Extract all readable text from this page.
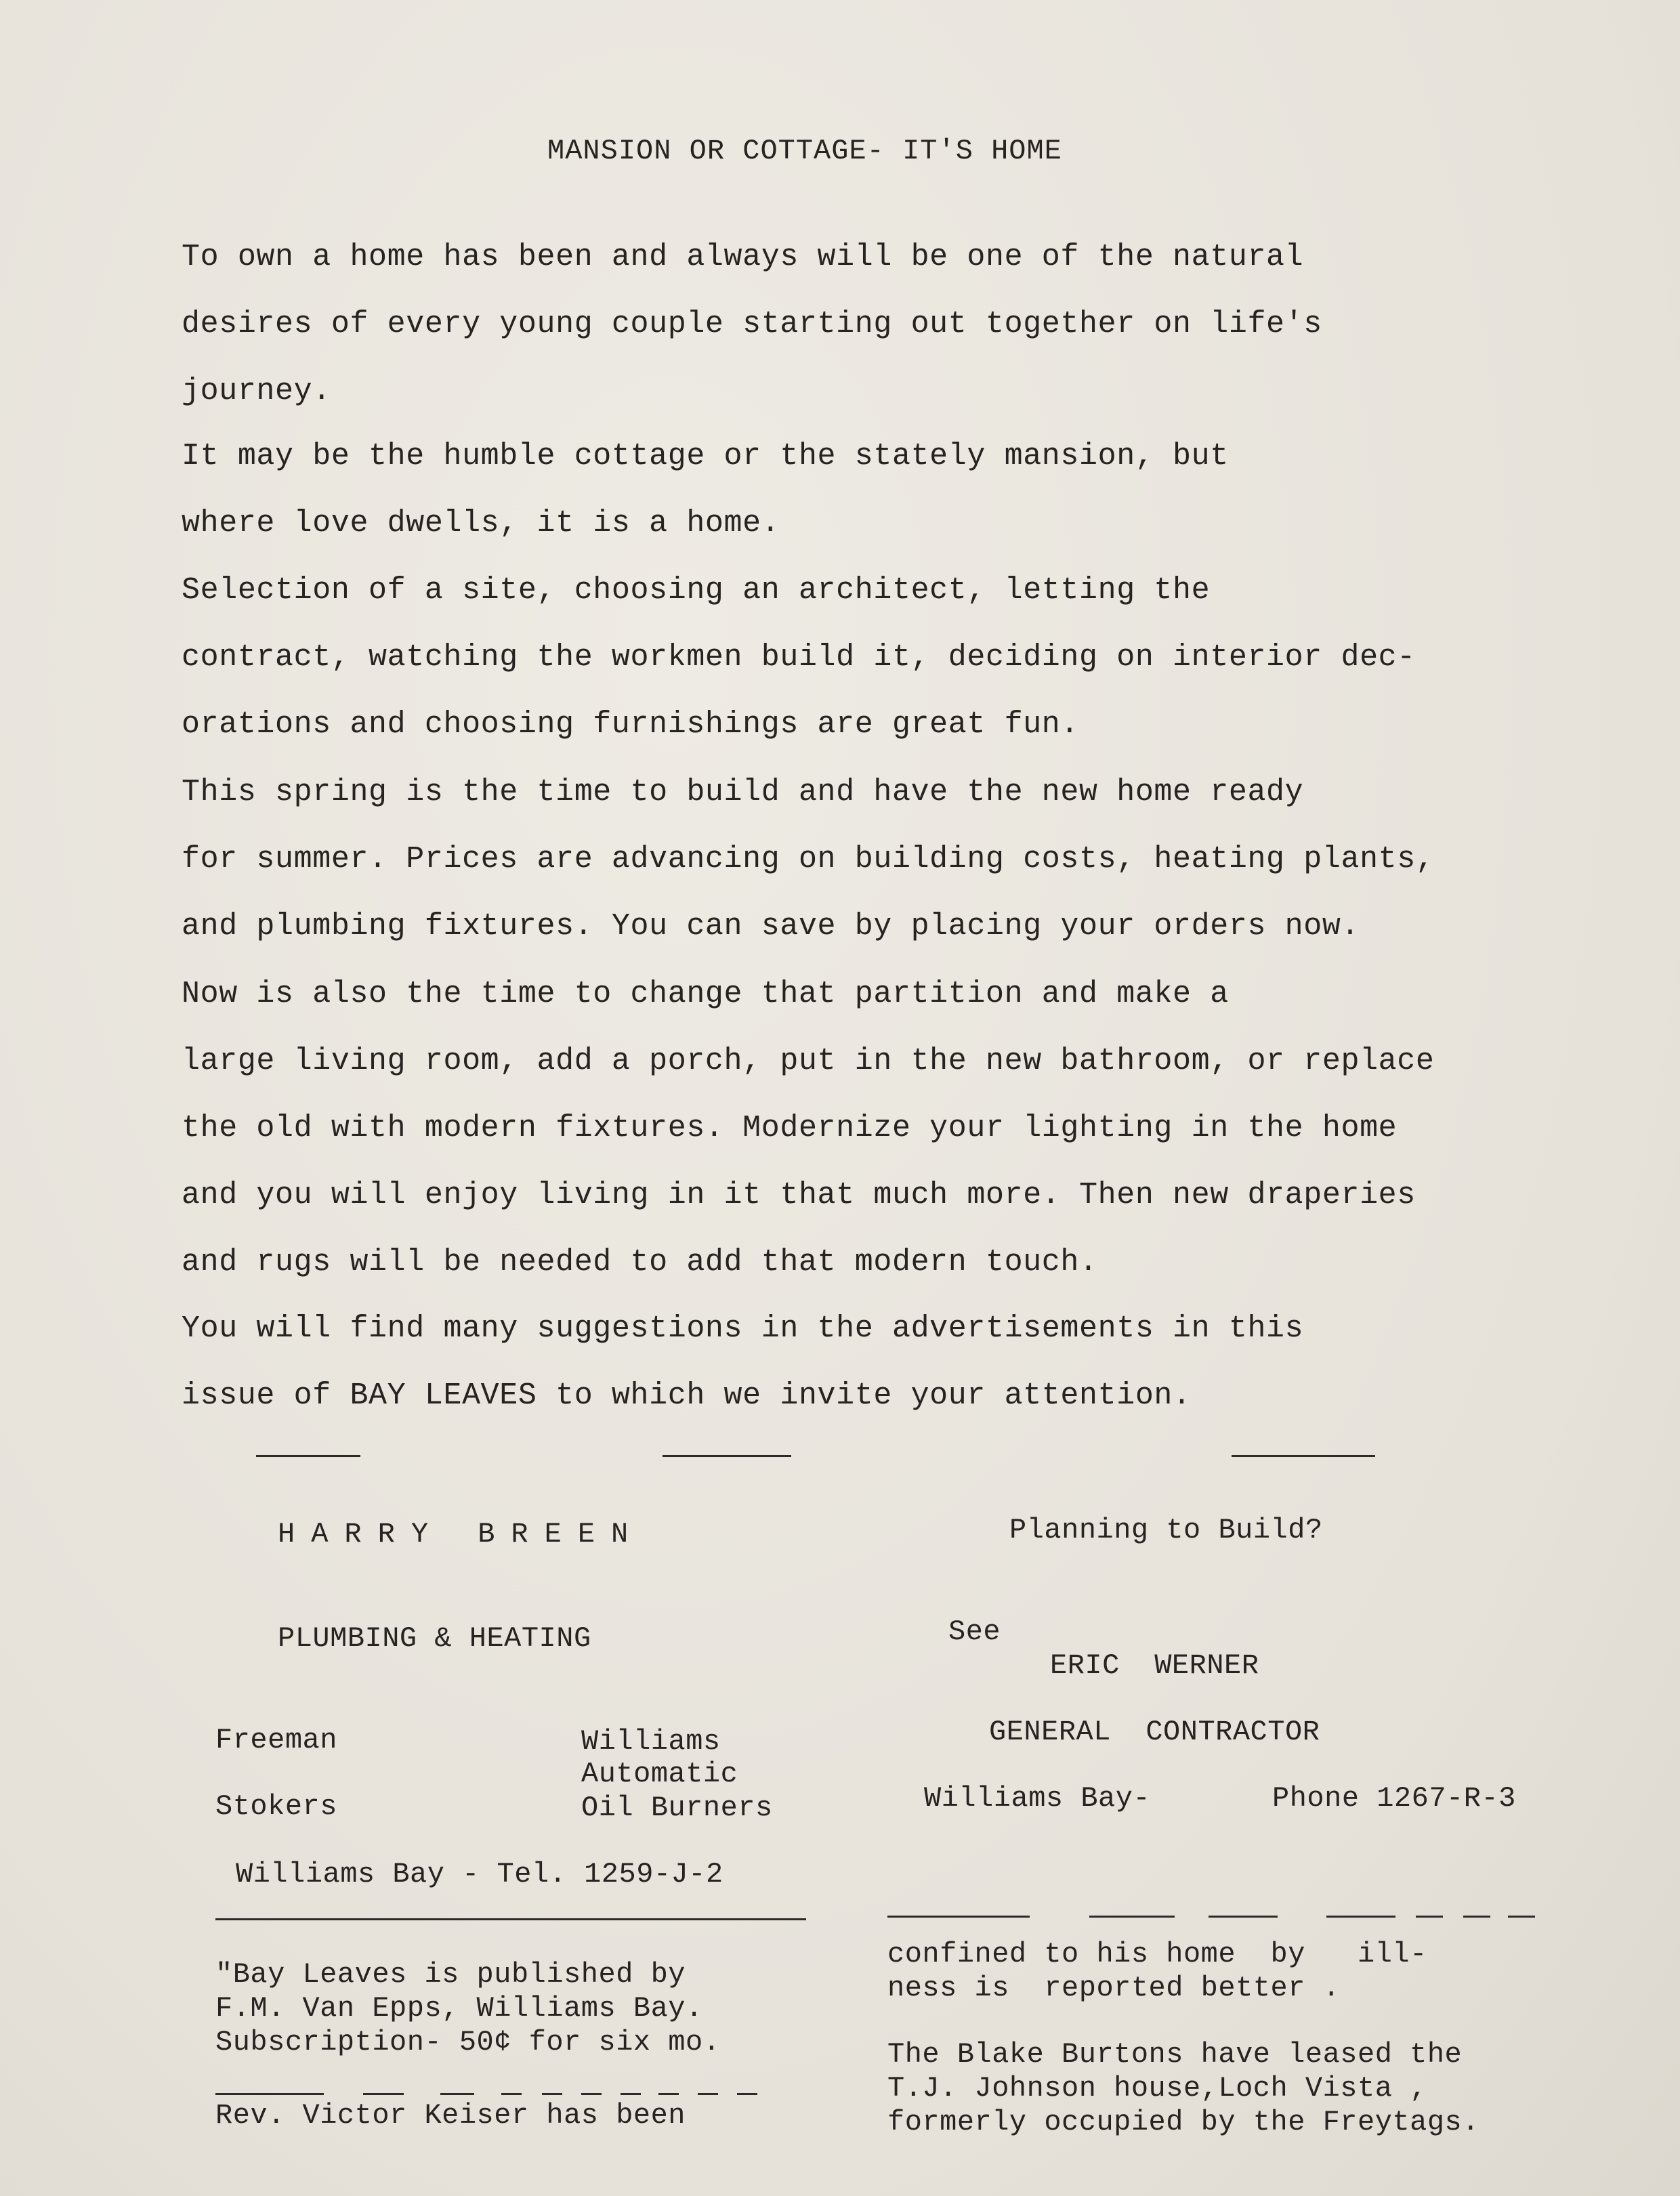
MANSION OR COTTAGE- IT'S HOME
To own a home has been and always will be one of the natural
desires of every young couple starting out together on life's
journey.
It may be the humble cottage or the stately mansion, but
where love dwells, it is a home.
Selection of a site, choosing an architect, letting the
contract, watching the workmen build it, deciding on interior dec-
orations and choosing furnishings are great fun.
This spring is the time to build and have the new home ready
for summer. Prices are advancing on building costs, heating plants,
and plumbing fixtures. You can save by placing your orders now.
Now is also the time to change that partition and make a
large living room, add a porch, put in the new bathroom, or replace
the old with modern fixtures. Modernize your lighting in the home
and you will enjoy living in it that much more. Then new draperies
and rugs will be needed to add that modern touch.
You will find many suggestions in the advertisements in this
issue of BAY LEAVES to which we invite your attention.
HARRY BREEN
PLUMBING & HEATING
Freeman
Stokers
Williams
Automatic
Oil Burners
Williams Bay - Tel. 1259-J-2
Planning to Build?
See
ERIC  WERNER
GENERAL  CONTRACTOR
Williams Bay-	Phone 1267-R-3
"Bay Leaves is published by
F.M. Van Epps, Williams Bay.
Subscription- 50¢ for six mo.
Rev. Victor Keiser has been
confined to his home  by   ill-
ness is  reported better .
The Blake Burtons have leased the
T.J. Johnson house,Loch Vista ,
formerly occupied by the Freytags.
